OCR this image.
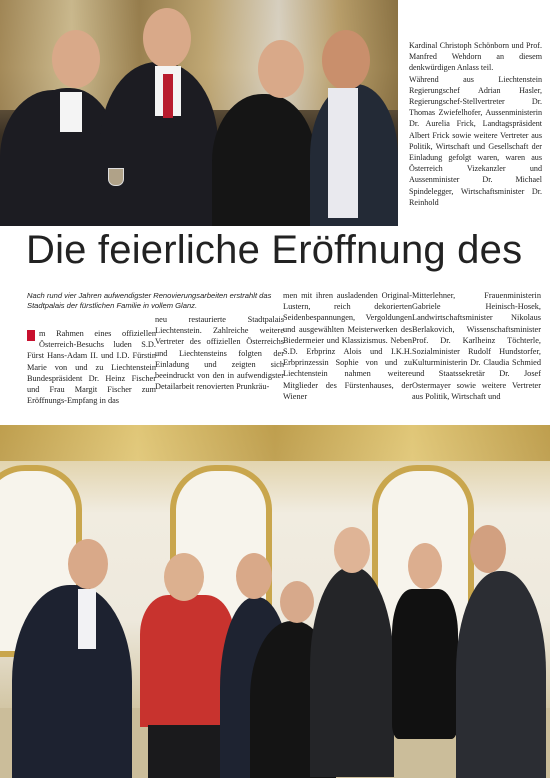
Kardinal Christoph Schönborn und Prof. Manfred Wehdorn an diesem denkwürdigen Anlass teil.

Während aus Liechtenstein Regierungschef Adrian Hasler, Regierungschef-Stellvertreter Dr. Thomas Zwiefelhofer, Aussenministerin Dr. Aurelia Frick, Landtagspräsident Albert Frick sowie weitere Vertreter aus Politik, Wirtschaft und Gesellschaft der Einladung gefolgt waren, waren aus Österreich Vizekanzler und Aussenminister Dr. Michael Spindelegger, Wirtschaftsminister Dr. Reinhold

Die feierliche Eröffnung des

Nach rund vier Jahren aufwendigster Renovierungsarbeiten erstrahlt das Stadtpalais der fürstlichen Familie in vollem Glanz.

m Rahmen eines offiziellen Österreich-Besuchs luden S.D. Fürst Hans-Adam II. und I.D. Fürstin Marie von und zu Liechtenstein Bundespräsident Dr. Heinz Fischer und Frau Margit Fischer zum Eröffnungs-Empfang in das

neu restaurierte Stadtpalais Liechtenstein. Zahlreiche weitere Vertreter des offiziellen Österreichs und Liechtensteins folgten der Einladung und zeigten sich beeindruckt von den in aufwendigster Detailarbeit renovierten Prunkräu-

men mit ihren ausladenden Original-Lustern, reich dekorierten Seidenbespannungen, Vergoldungen und ausgewählten Meisterwerken des Biedermeier und Klassizismus. Neben S.D. Erbprinz Alois und I.K.H. Erbprinzessin Sophie von und zu Liechtenstein nahmen weitere Mitglieder des Fürstenhauses, der Wiener

Mitterlehner, Frauenministerin Gabriele Heinisch-Hosek, Landwirtschaftsminister Nikolaus Berlakovich, Wissenschaftsminister Prof. Dr. Karlheinz Töchterle, Sozialminister Rudolf Hundstorfer, Kulturministerin Dr. Claudia Schmied und Staatssekretär Dr. Josef Ostermayer sowie weitere Vertreter aus Politik, Wirtschaft und
